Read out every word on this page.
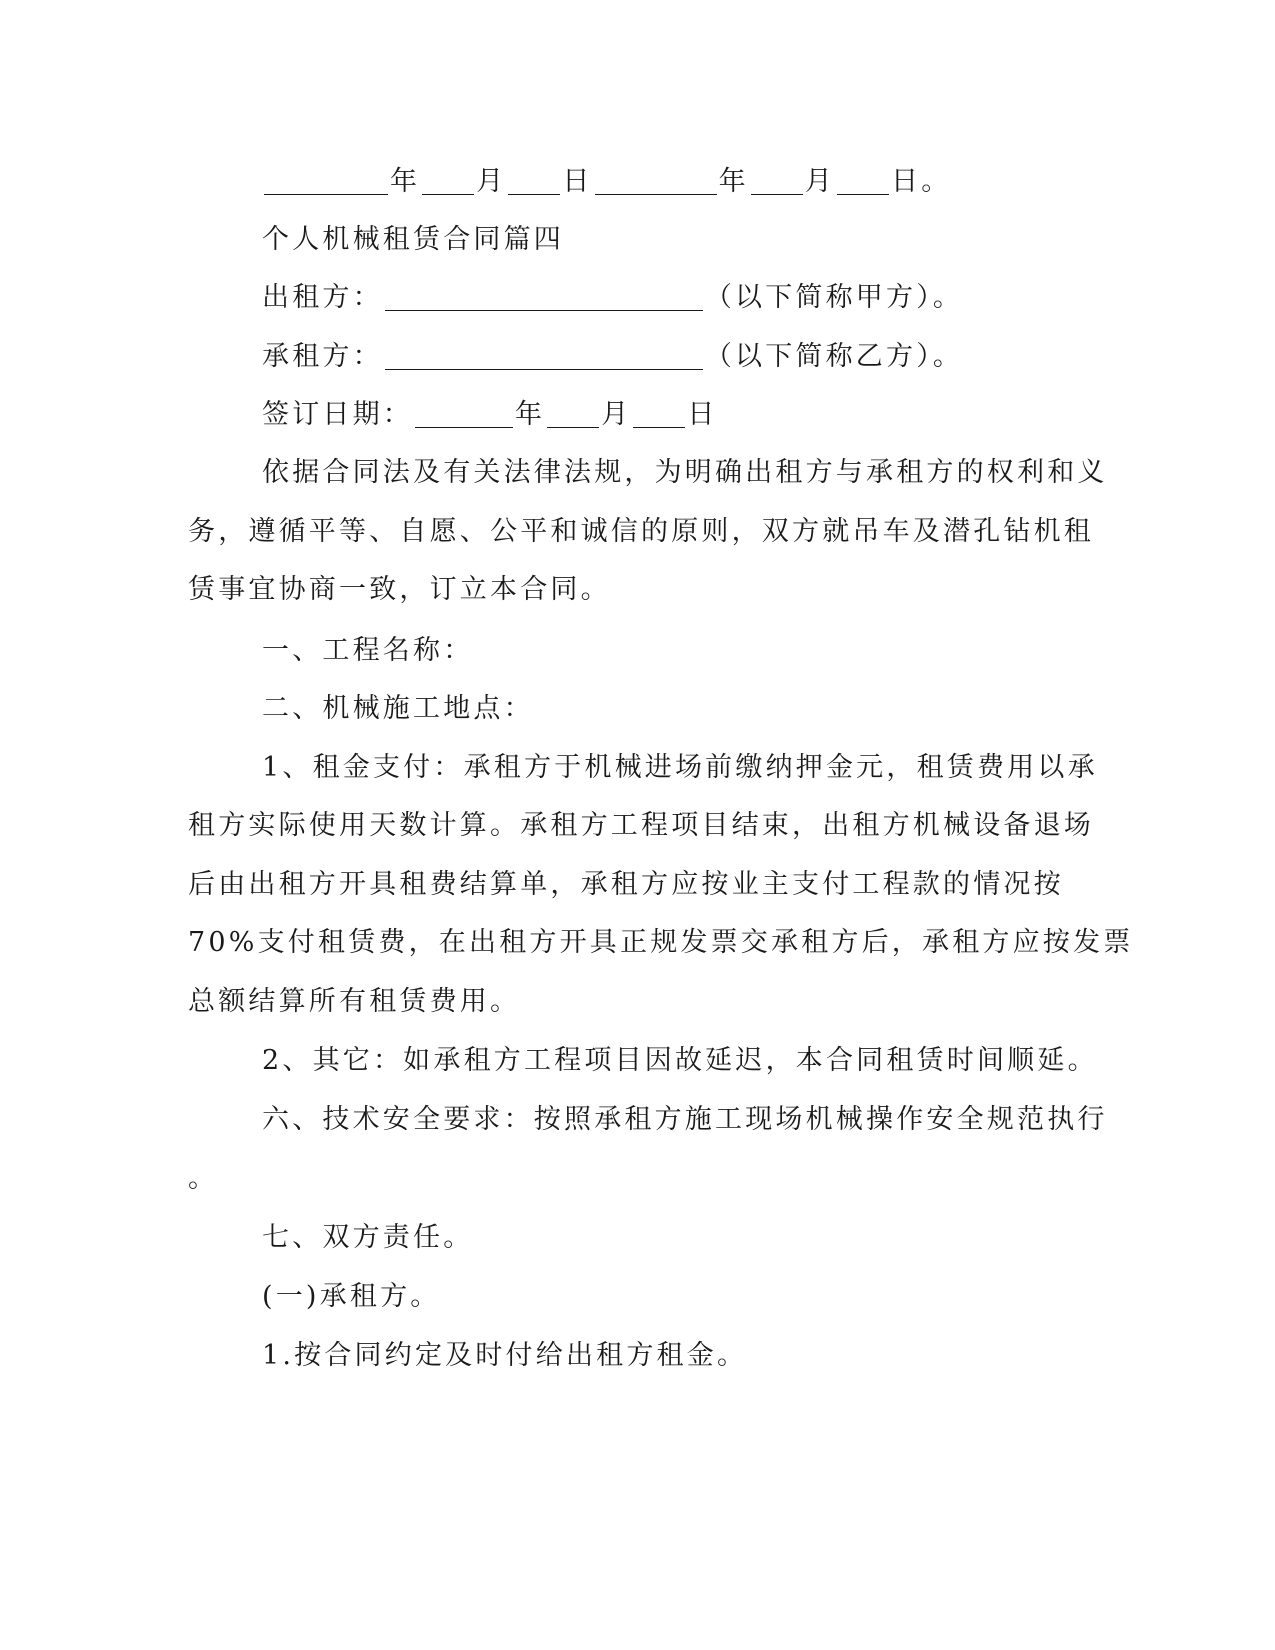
年 月 日	年 月 日。
个人机械租赁合同篇四
出租方：	（以下简称甲方）。
承租方：	（以下简称乙方）。
签订日期：	年 月 日
依据合同法及有关法律法规，为明确出租方与承租方的权利和义
务，遵循平等、自愿、公平和诚信的原则，双方就吊车及潜孔钻机租
赁事宜协商一致，订立本合同。
一、工程名称：
二、机械施工地点：
1、租金支付：承租方于机械进场前缴纳押金元，租赁费用以承
租方实际使用天数计算。承租方工程项目结束，出租方机械设备退场
后由出租方开具租费结算单，承租方应按业主支付工程款的情况按
70%支付租赁费，在出租方开具正规发票交承租方后，承租方应按发票
总额结算所有租赁费用。
2、其它：如承租方工程项目因故延迟，本合同租赁时间顺延。
六、技术安全要求：按照承租方施工现场机械操作安全规范执行
。
七、双方责任。
(一)承租方。
1.按合同约定及时付给出租方租金。
